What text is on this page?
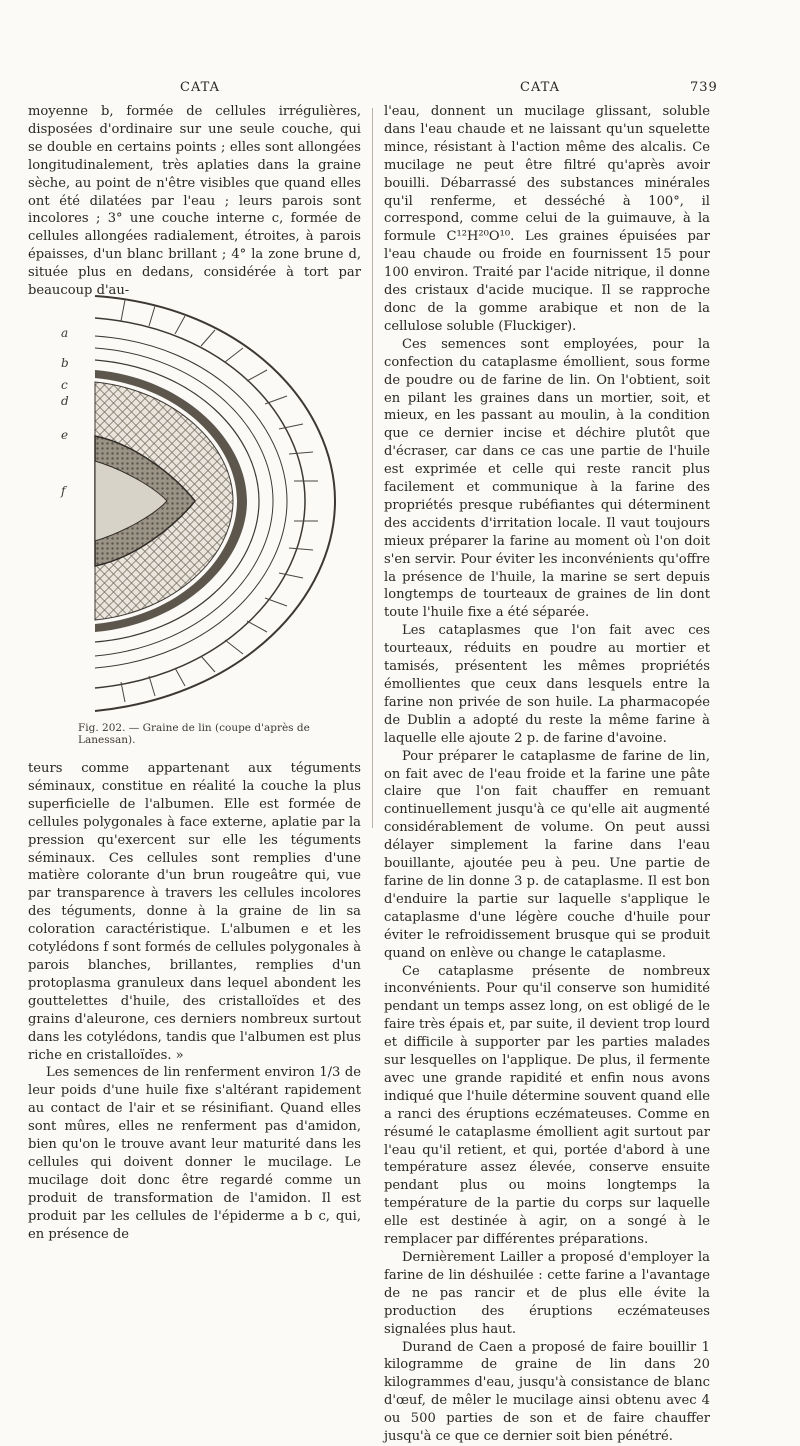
CATA	CATA	739

moyenne b, formée de cellules irrégulières, disposées d'ordinaire sur une seule couche, qui se double en certains points ; elles sont allongées longitudinalement, très aplaties dans la graine sèche, au point de n'être visibles que quand elles ont été dilatées par l'eau ; leurs parois sont incolores ; 3° une couche interne c, formée de cellules allongées radialement, étroites, à parois épaisses, d'un blanc brillant ; 4° la zone brune d, située plus en dedans, considérée à tort par beaucoup d'au-

a
b
c
d
e
f
Fig. 202. — Graine de lin (coupe d'après de Lanessan).

teurs comme appartenant aux téguments séminaux, constitue en réalité la couche la plus superficielle de l'albumen. Elle est formée de cellules polygonales à face externe, aplatie par la pression qu'exercent sur elle les téguments séminaux. Ces cellules sont remplies d'une matière colorante d'un brun rougeâtre qui, vue par transparence à travers les cellules incolores des téguments, donne à la graine de lin sa coloration caractéristique. L'albumen e et les cotylédons f sont formés de cellules polygonales à parois blanches, brillantes, remplies d'un protoplasma granuleux dans lequel abondent les gouttelettes d'huile, des cristalloïdes et des grains d'aleurone, ces derniers nombreux surtout dans les cotylédons, tandis que l'albumen est plus riche en cristalloïdes. »

Les semences de lin renferment environ 1/3 de leur poids d'une huile fixe s'altérant rapidement au contact de l'air et se résinifiant. Quand elles sont mûres, elles ne renferment pas d'amidon, bien qu'on le trouve avant leur maturité dans les cellules qui doivent donner le mucilage. Le mucilage doit donc être regardé comme un produit de transformation de l'amidon. Il est produit par les cellules de l'épiderme a b c, qui, en présence de

l'eau, donnent un mucilage glissant, soluble dans l'eau chaude et ne laissant qu'un squelette mince, résistant à l'action même des alcalis. Ce mucilage ne peut être filtré qu'après avoir bouilli. Débarrassé des substances minérales qu'il renferme, et desséché à 100°, il correspond, comme celui de la guimauve, à la formule C¹²H²⁰O¹⁰. Les graines épuisées par l'eau chaude ou froide en fournissent 15 pour 100 environ. Traité par l'acide nitrique, il donne des cristaux d'acide mucique. Il se rapproche donc de la gomme arabique et non de la cellulose soluble (Fluckiger).

Ces semences sont employées, pour la confection du cataplasme émollient, sous forme de poudre ou de farine de lin. On l'obtient, soit en pilant les graines dans un mortier, soit, et mieux, en les passant au moulin, à la condition que ce dernier incise et déchire plutôt que d'écraser, car dans ce cas une partie de l'huile est exprimée et celle qui reste rancit plus facilement et communique à la farine des propriétés presque rubéfiantes qui déterminent des accidents d'irritation locale. Il vaut toujours mieux préparer la farine au moment où l'on doit s'en servir. Pour éviter les inconvénients qu'offre la présence de l'huile, la marine se sert depuis longtemps de tourteaux de graines de lin dont toute l'huile fixe a été séparée.

Les cataplasmes que l'on fait avec ces tourteaux, réduits en poudre au mortier et tamisés, présentent les mêmes propriétés émollientes que ceux dans lesquels entre la farine non privée de son huile. La pharmacopée de Dublin a adopté du reste la même farine à laquelle elle ajoute 2 p. de farine d'avoine.

Pour préparer le cataplasme de farine de lin, on fait avec de l'eau froide et la farine une pâte claire que l'on fait chauffer en remuant continuellement jusqu'à ce qu'elle ait augmenté considérablement de volume. On peut aussi délayer simplement la farine dans l'eau bouillante, ajoutée peu à peu. Une partie de farine de lin donne 3 p. de cataplasme. Il est bon d'enduire la partie sur laquelle s'applique le cataplasme d'une légère couche d'huile pour éviter le refroidissement brusque qui se produit quand on enlève ou change le cataplasme.

Ce cataplasme présente de nombreux inconvénients. Pour qu'il conserve son humidité pendant un temps assez long, on est obligé de le faire très épais et, par suite, il devient trop lourd et difficile à supporter par les parties malades sur lesquelles on l'applique. De plus, il fermente avec une grande rapidité et enfin nous avons indiqué que l'huile détermine souvent quand elle a ranci des éruptions eczémateuses. Comme en résumé le cataplasme émollient agit surtout par l'eau qu'il retient, et qui, portée d'abord à une température assez élevée, conserve ensuite pendant plus ou moins longtemps la température de la partie du corps sur laquelle elle est destinée à agir, on a songé à le remplacer par différentes préparations.

Dernièrement Lailler a proposé d'employer la farine de lin déshuilée : cette farine a l'avantage de ne pas rancir et de plus elle évite la production des éruptions eczémateuses signalées plus haut.

Durand de Caen a proposé de faire bouillir 1 kilogramme de graine de lin dans 20 kilogrammes d'eau, jusqu'à consistance de blanc d'œuf, de mêler le mucilage ainsi obtenu avec 4 ou 500 parties de son et de faire chauffer jusqu'à ce que ce dernier soit bien pénétré.
